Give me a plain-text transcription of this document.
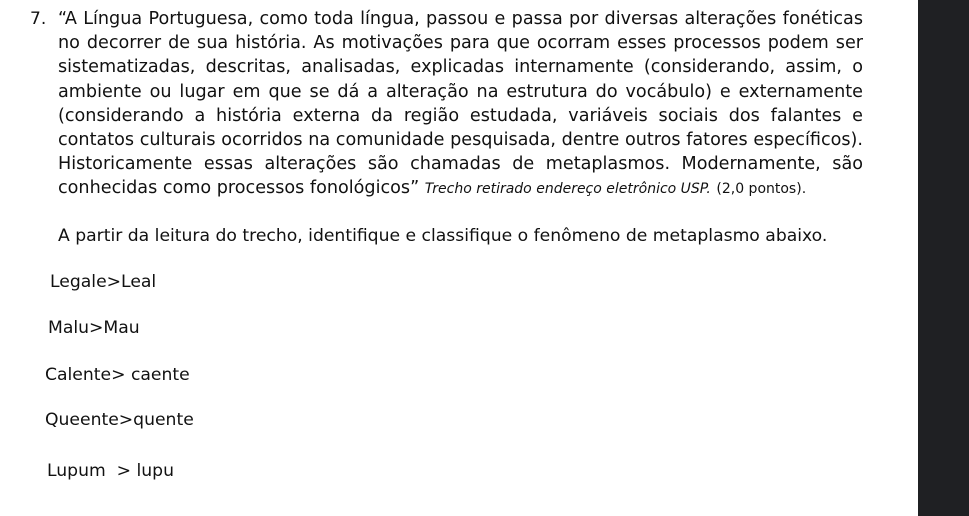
7. “A Língua Portuguesa, como toda língua, passou e passa por diversas alterações fonéticas no decorrer de sua história. As motivações para que ocorram esses processos podem ser sistematizadas, descritas, analisadas, explicadas internamente (considerando, assim, o ambiente ou lugar em que se dá a alteração na estrutura do vocábulo) e externamente (considerando a história externa da região estudada, variáveis sociais dos falantes e contatos culturais ocorridos na comunidade pesquisada, dentre outros fatores específicos). Historicamente essas alterações são chamadas de metaplasmos. Modernamente, são conhecidas como processos fonológicos” Trecho retirado endereço eletrônico USP. (2,0 pontos).

A partir da leitura do trecho, identifique e classifique o fenômeno de metaplasmo abaixo.
Legale>Leal
Malu>Mau
Calente> caente
Queente>quente
Lupum  > lupu
